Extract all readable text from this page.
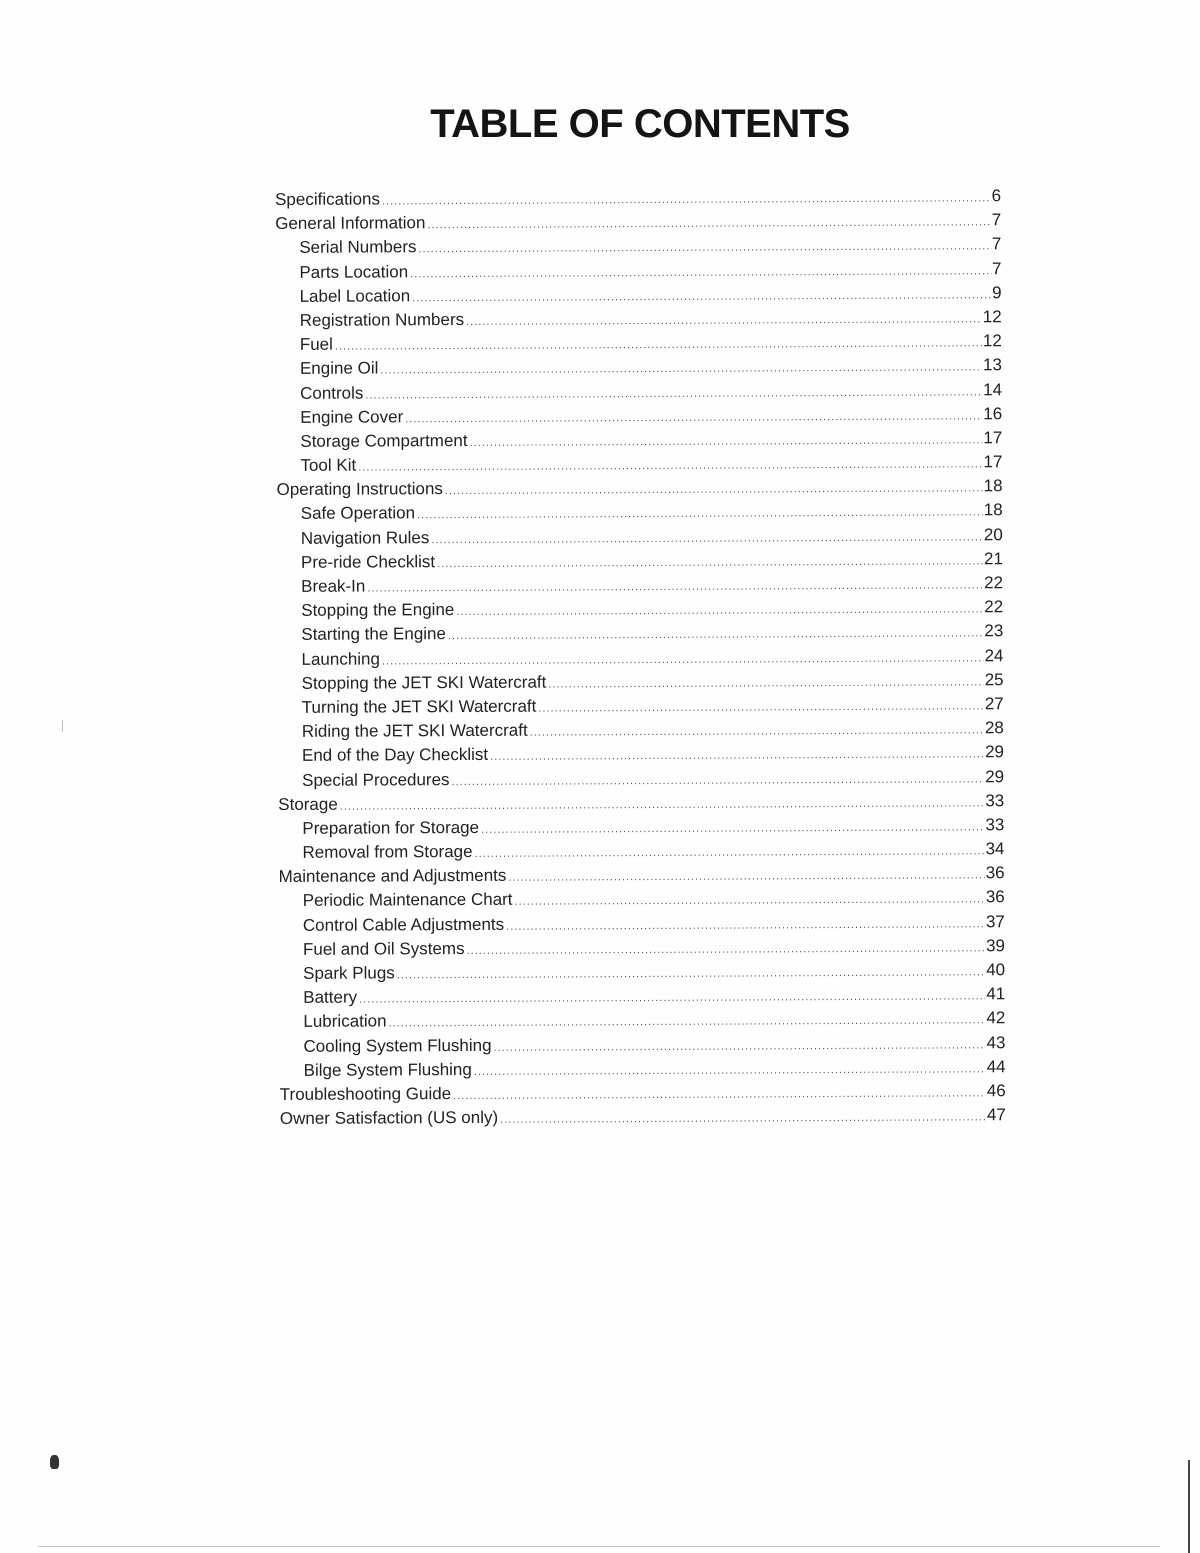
TABLE OF CONTENTS
Specifications .....	6
General Information .....	7
Serial Numbers .....	7
Parts Location .....	7
Label Location .....	9
Registration Numbers .....	12
Fuel .....	12
Engine Oil .....	13
Controls .....	14
Engine Cover .....	16
Storage Compartment .....	17
Tool Kit .....	17
Operating Instructions .....	18
Safe Operation .....	18
Navigation Rules .....	20
Pre-ride Checklist .....	21
Break-In .....	22
Stopping the Engine .....	22
Starting the Engine .....	23
Launching .....	24
Stopping the JET SKI Watercraft .....	25
Turning the JET SKI Watercraft .....	27
Riding the JET SKI Watercraft .....	28
End of the Day Checklist .....	29
Special Procedures .....	29
Storage .....	33
Preparation for Storage .....	33
Removal from Storage .....	34
Maintenance and Adjustments .....	36
Periodic Maintenance Chart .....	36
Control Cable Adjustments .....	37
Fuel and Oil Systems .....	39
Spark Plugs .....	40
Battery .....	41
Lubrication .....	42
Cooling System Flushing .....	43
Bilge System Flushing .....	44
Troubleshooting Guide .....	46
Owner Satisfaction (US only) .....	47
